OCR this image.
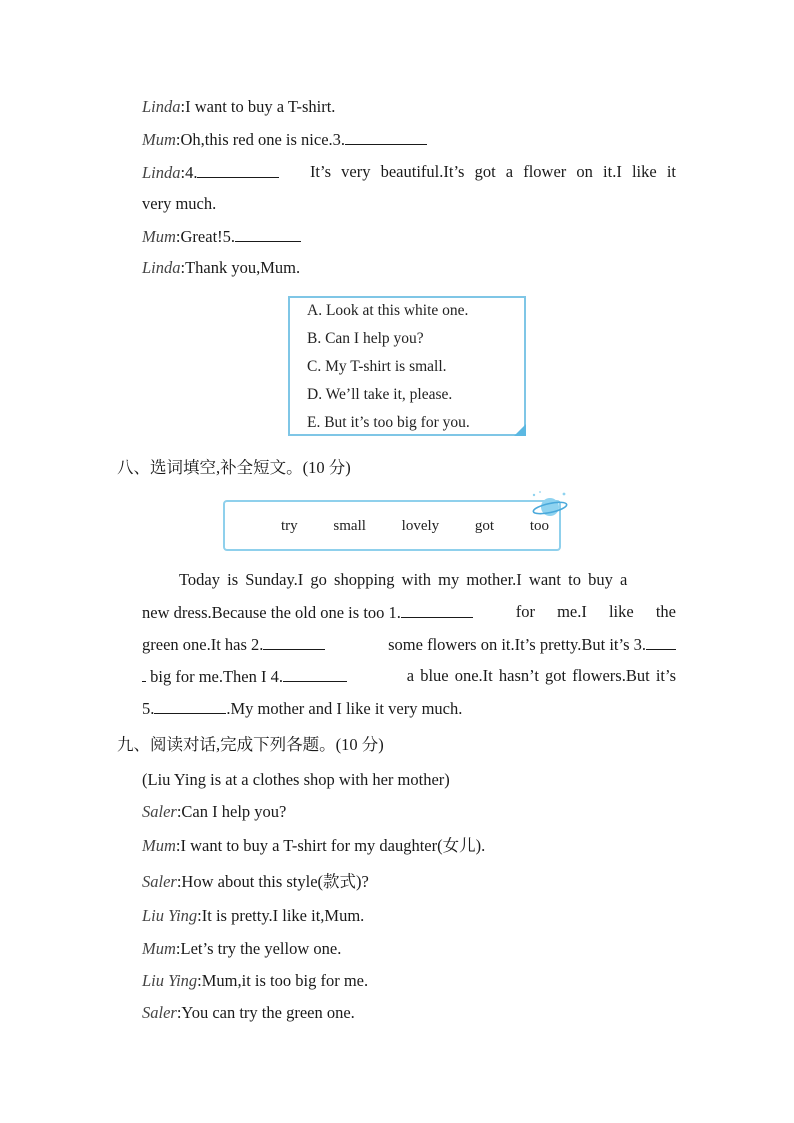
Linda:I want to buy a T-shirt.
Mum:Oh,this red one is nice.3.
Linda:4.	It’s very beautiful.It’s got a flower on it.I like it
very much.
Mum:Great!5.
Linda:Thank you,Mum.
A. Look at this white one.
B. Can I help you?
C. My T-shirt is small.
D. We’ll take it, please.
E. But it’s too big for you.
八、选词填空,补全短文。(10 分)
try small lovely got too
Today is Sunday.I go shopping with my mother.I want to buy a
new dress.Because the old one is too 1.	for me.I like the
green one.It has 2.	some flowers on it.It’s pretty.But it’s 3.
big for me.Then I 4.	a blue one.It hasn’t got flowers.But it’s
5.	.My mother and I like it very much.
九、阅读对话,完成下列各题。(10 分)
(Liu Ying is at a clothes shop with her mother)
Saler:Can I help you?
Mum:I want to buy a T-shirt for my daughter(女儿).
Saler:How about this style(款式)?
Liu Ying:It is pretty.I like it,Mum.
Mum:Let’s try the yellow one.
Liu Ying:Mum,it is too big for me.
Saler:You can try the green one.
